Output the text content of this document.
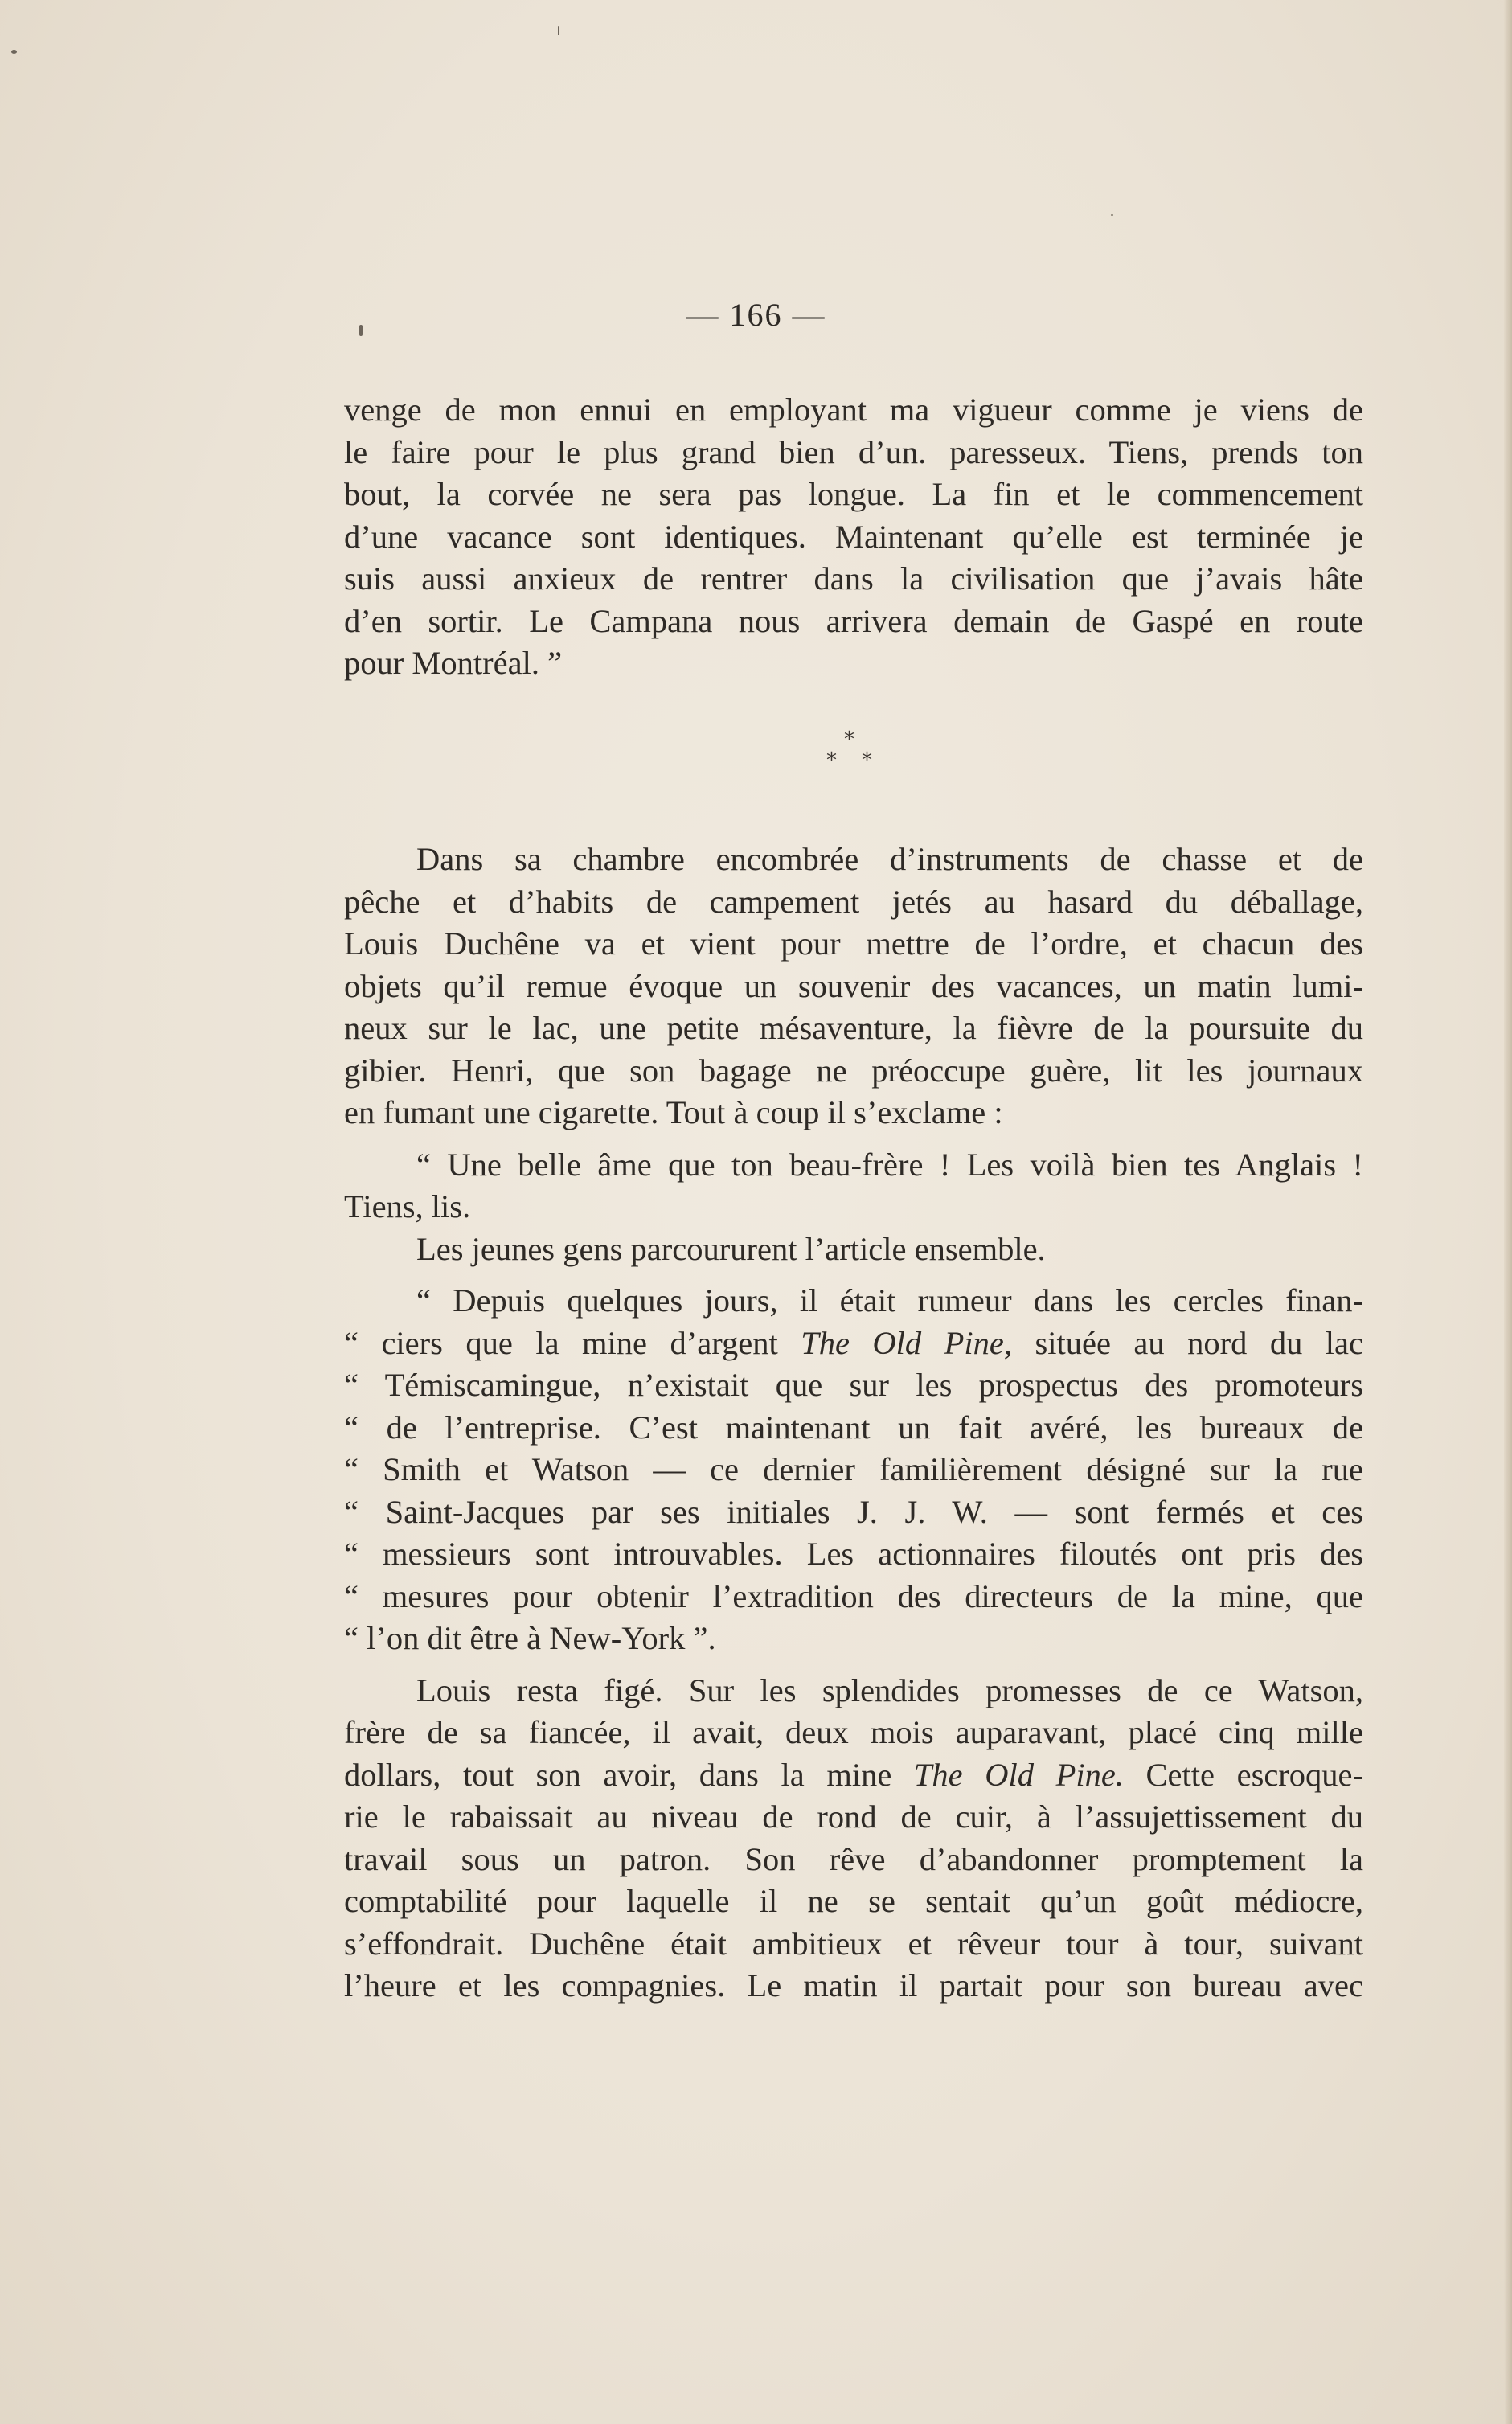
— 166 —
venge de mon ennui en employant ma vigueur comme je viens de
le faire pour le plus grand bien d’un. paresseux. Tiens, prends ton
bout, la corvée ne sera pas longue. La fin et le commencement
d’une vacance sont identiques. Maintenant qu’elle est terminée je
suis aussi anxieux de rentrer dans la civilisation que j’avais hâte
d’en sortir. Le Campana nous arrivera demain de Gaspé en route
pour Montréal. ”
*
* *
Dans sa chambre encombrée d’instruments de chasse et de
pêche et d’habits de campement jetés au hasard du déballage,
Louis Duchêne va et vient pour mettre de l’ordre, et chacun des
objets qu’il remue évoque un souvenir des vacances, un matin lumi-
neux sur le lac, une petite mésaventure, la fièvre de la poursuite du
gibier. Henri, que son bagage ne préoccupe guère, lit les journaux
en fumant une cigarette. Tout à coup il s’exclame :
“ Une belle âme que ton beau-frère ! Les voilà bien tes Anglais !
Tiens, lis.
Les jeunes gens parcoururent l’article ensemble.
“ Depuis quelques jours, il était rumeur dans les cercles finan-
“ ciers que la mine d’argent The Old Pine, située au nord du lac
“ Témiscamingue, n’existait que sur les prospectus des promoteurs
“ de l’entreprise. C’est maintenant un fait avéré, les bureaux de
“ Smith et Watson — ce dernier familièrement désigné sur la rue
“ Saint-Jacques par ses initiales J. J. W. — sont fermés et ces
“ messieurs sont introuvables. Les actionnaires filoutés ont pris des
“ mesures pour obtenir l’extradition des directeurs de la mine, que
“ l’on dit être à New-York ”.
Louis resta figé. Sur les splendides promesses de ce Watson,
frère de sa fiancée, il avait, deux mois auparavant, placé cinq mille
dollars, tout son avoir, dans la mine The Old Pine. Cette escroque-
rie le rabaissait au niveau de rond de cuir, à l’assujettissement du
travail sous un patron. Son rêve d’abandonner promptement la
comptabilité pour laquelle il ne se sentait qu’un goût médiocre,
s’effondrait. Duchêne était ambitieux et rêveur tour à tour, suivant
l’heure et les compagnies. Le matin il partait pour son bureau avec
